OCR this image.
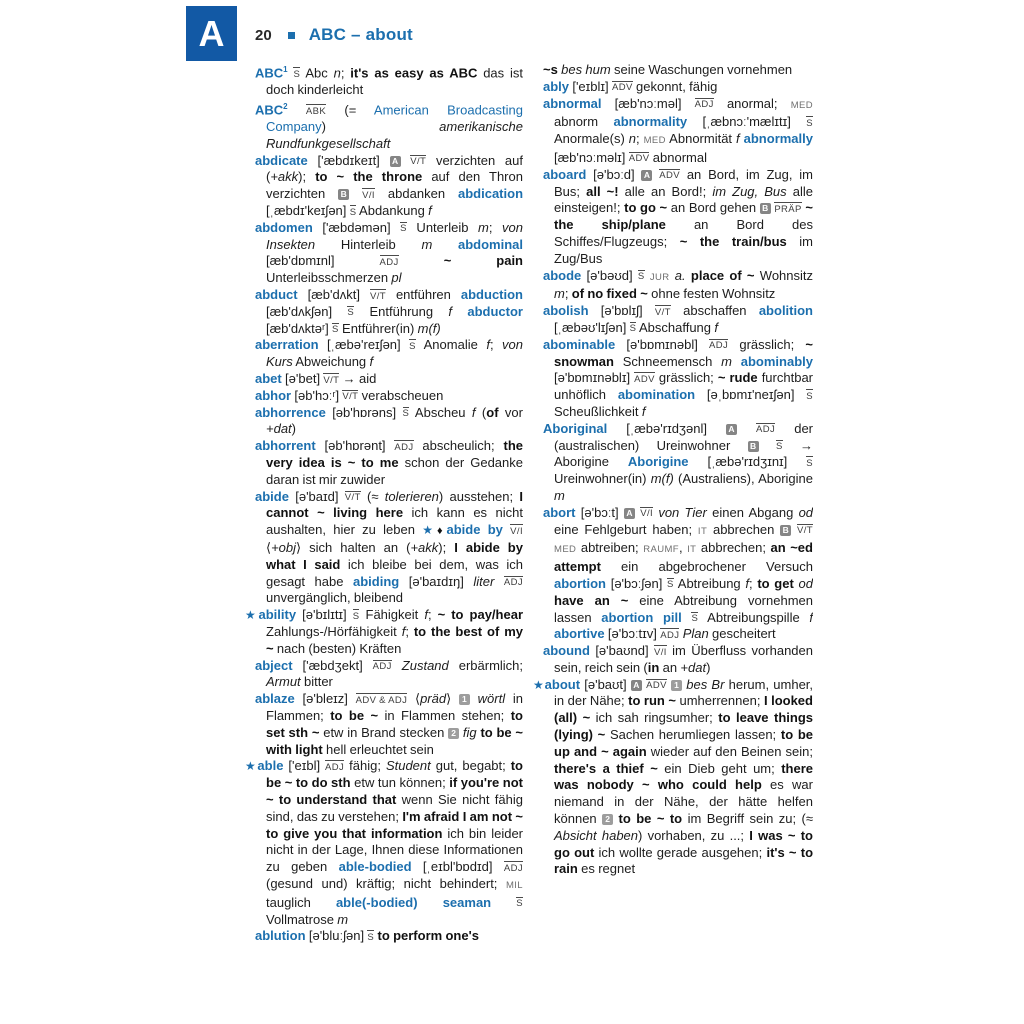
A	20 ABC – about

ABC$^1$ S Abc n; it's as easy as ABC das ist doch kinderleicht

ABC$^2$ ABK (= American Broadcasting Company) amerikanische Rundfunkgesellschaft

abdicate ['æbdɪkeɪt] A V/T verzichten auf (+akk); to ~ the throne auf den Thron verzichten B V/I abdanken abdication [ˌæbdɪ'keɪʃən] S Abdankung f

abdomen ['æbdəmən] S Unterleib m; von Insekten Hinterleib m abdominal [æb'dɒmɪnl] ADJ	~ pain Unterleibsschmerzen pl

abduct [æb'dʌkt] V/T entführen abduction [æb'dʌkʃən] S Entführung f abductor [æb'dʌktəʳ] S Entführer(in) m(f)

aberration [ˌæbə'reɪʃən] S Anomalie f; von Kurs Abweichung f

abet [ə'bet] V/T → aid

abhor [əb'hɔːʳ] V/T verabscheuen

abhorrence [əb'hɒrəns] S Abscheu f (of vor +dat)

abhorrent [əb'hɒrənt] ADJ abscheulich; the very idea is ~ to me schon der Gedanke daran ist mir zuwider

abide [ə'baɪd] V/T (≈ tolerieren) ausstehen; I cannot ~ living here ich kann es nicht aushalten, hier zu leben ★♦abide by V/I ⟨+obj⟩ sich halten an (+akk); I abide by what I said ich bleibe bei dem, was ich gesagt habe abiding [ə'baɪdɪŋ] liter ADJ unvergänglich, bleibend

★ability [ə'bɪlɪtɪ] S Fähigkeit f; ~ to pay/hear Zahlungs-/Hörfähigkeit f; to the best of my ~ nach (besten) Kräften

abject ['æbdʒekt] ADJ Zustand erbärmlich; Armut bitter

ablaze [ə'bleɪz] ADV & ADJ ⟨präd⟩ 1 wörtl in Flammen; to be ~ in Flammen stehen; to set sth ~ etw in Brand stecken 2 fig to be ~ with light hell erleuchtet sein

★able ['eɪbl] ADJ fähig; Student gut, begabt; to be ~ to do sth etw tun können; if you're not ~ to understand that wenn Sie nicht fähig sind, das zu verstehen; I'm afraid I am not ~ to give you that information ich bin leider nicht in der Lage, Ihnen diese Informationen zu geben able-bodied [ˌeɪbl'bɒdɪd] ADJ (gesund und) kräftig; nicht behindert; MIL tauglich able(-bodied) seaman	S Vollmatrose m

ablution [ə'bluːʃən] S to perform one's

~s bes hum seine Waschungen vornehmen

ably ['eɪblɪ] ADV gekonnt, fähig

abnormal [æb'nɔːməl] ADJ anormal; MED abnorm abnormality [ˌæbnɔː'mælɪtɪ] S Anormale(s) n; MED Abnormität f abnormally [æb'nɔːməlɪ] ADV abnormal

aboard [ə'bɔːd] A ADV an Bord, im Zug, im Bus; all ~! alle an Bord!; im Zug, Bus alle einsteigen!; to go ~ an Bord gehen B PRÄP ~ the ship/plane an Bord des Schiffes/Flugzeugs; ~ the train/bus im Zug/Bus

abode [ə'bəʊd] S JUR a. place of ~ Wohnsitz m; of no fixed ~ ohne festen Wohnsitz

abolish [ə'bɒlɪʃ] V/T abschaffen abolition [ˌæbəʊ'lɪʃən] S Abschaffung f

abominable [ə'bɒmɪnəbl] ADJ grässlich; ~ snowman Schneemensch m abominably [ə'bɒmɪnəblɪ] ADV grässlich; ~ rude furchtbar unhöflich abomination [əˌbɒmɪ'neɪʃən] S Scheußlichkeit f

Aboriginal [ˌæbə'rɪdʒənl] A ADJ der (australischen) Ureinwohner B S → Aborigine Aborigine [ˌæbə'rɪdʒɪnɪ] S Ureinwohner(in) m(f) (Australiens), Aborigine m

abort [ə'bɔːt] A V/I von Tier einen Abgang od eine Fehlgeburt haben; IT abbrechen B V/T MED abtreiben; RAUMF, IT abbrechen; an ~ed attempt ein abgebrochener Versuch abortion [ə'bɔːʃən] S Abtreibung f; to get od have an ~ eine Abtreibung vornehmen lassen abortion pill S Abtreibungspille f abortive [ə'bɔːtɪv] ADJ Plan gescheitert

abound [ə'baʊnd] V/I im Überfluss vorhanden sein, reich sein (in an +dat)

★about [ə'baʊt] A ADV 1 bes Br herum, umher, in der Nähe; to run ~ umherrennen; I looked (all) ~ ich sah ringsumher; to leave things (lying) ~ Sachen herumliegen lassen; to be up and ~ again wieder auf den Beinen sein; there's a thief ~ ein Dieb geht um; there was nobody ~ who could help es war niemand in der Nähe, der hätte helfen können 2 to be ~ to im Begriff sein zu; (≈ Absicht haben) vorhaben, zu ...; I was ~ to go out ich wollte gerade ausgehen; it's ~ to rain es regnet
